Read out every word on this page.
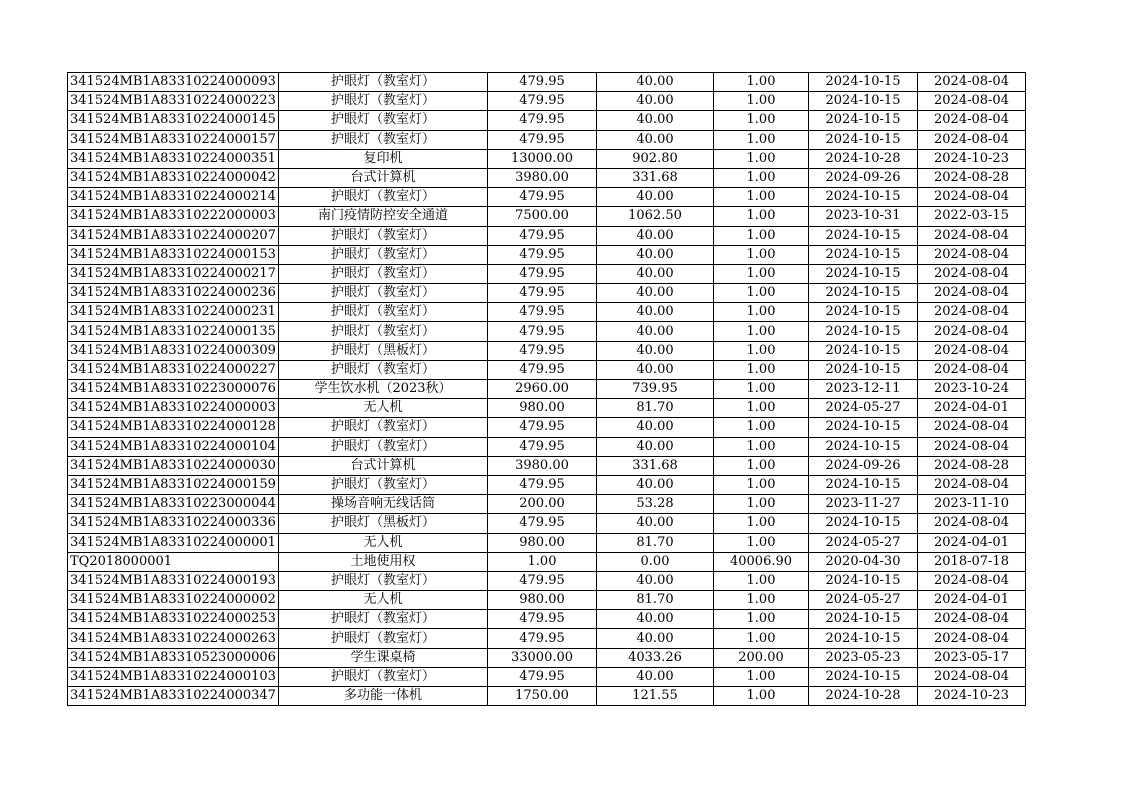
341524MB1A83310224000093	护眼灯（教室灯）	479.95	40.00	1.00	2024-10-15	2024-08-04
341524MB1A83310224000223	护眼灯（教室灯）	479.95	40.00	1.00	2024-10-15	2024-08-04
341524MB1A83310224000145	护眼灯（教室灯）	479.95	40.00	1.00	2024-10-15	2024-08-04
341524MB1A83310224000157	护眼灯（教室灯）	479.95	40.00	1.00	2024-10-15	2024-08-04
341524MB1A83310224000351	复印机	13000.00	902.80	1.00	2024-10-28	2024-10-23
341524MB1A83310224000042	台式计算机	3980.00	331.68	1.00	2024-09-26	2024-08-28
341524MB1A83310224000214	护眼灯（教室灯）	479.95	40.00	1.00	2024-10-15	2024-08-04
341524MB1A83310222000003	南门疫情防控安全通道	7500.00	1062.50	1.00	2023-10-31	2022-03-15
341524MB1A83310224000207	护眼灯（教室灯）	479.95	40.00	1.00	2024-10-15	2024-08-04
341524MB1A83310224000153	护眼灯（教室灯）	479.95	40.00	1.00	2024-10-15	2024-08-04
341524MB1A83310224000217	护眼灯（教室灯）	479.95	40.00	1.00	2024-10-15	2024-08-04
341524MB1A83310224000236	护眼灯（教室灯）	479.95	40.00	1.00	2024-10-15	2024-08-04
341524MB1A83310224000231	护眼灯（教室灯）	479.95	40.00	1.00	2024-10-15	2024-08-04
341524MB1A83310224000135	护眼灯（教室灯）	479.95	40.00	1.00	2024-10-15	2024-08-04
341524MB1A83310224000309	护眼灯（黑板灯）	479.95	40.00	1.00	2024-10-15	2024-08-04
341524MB1A83310224000227	护眼灯（教室灯）	479.95	40.00	1.00	2024-10-15	2024-08-04
341524MB1A83310223000076	学生饮水机（2023秋）	2960.00	739.95	1.00	2023-12-11	2023-10-24
341524MB1A83310224000003	无人机	980.00	81.70	1.00	2024-05-27	2024-04-01
341524MB1A83310224000128	护眼灯（教室灯）	479.95	40.00	1.00	2024-10-15	2024-08-04
341524MB1A83310224000104	护眼灯（教室灯）	479.95	40.00	1.00	2024-10-15	2024-08-04
341524MB1A83310224000030	台式计算机	3980.00	331.68	1.00	2024-09-26	2024-08-28
341524MB1A83310224000159	护眼灯（教室灯）	479.95	40.00	1.00	2024-10-15	2024-08-04
341524MB1A83310223000044	操场音响无线话筒	200.00	53.28	1.00	2023-11-27	2023-11-10
341524MB1A83310224000336	护眼灯（黑板灯）	479.95	40.00	1.00	2024-10-15	2024-08-04
341524MB1A83310224000001	无人机	980.00	81.70	1.00	2024-05-27	2024-04-01
TQ2018000001	土地使用权	1.00	0.00	40006.90	2020-04-30	2018-07-18
341524MB1A83310224000193	护眼灯（教室灯）	479.95	40.00	1.00	2024-10-15	2024-08-04
341524MB1A83310224000002	无人机	980.00	81.70	1.00	2024-05-27	2024-04-01
341524MB1A83310224000253	护眼灯（教室灯）	479.95	40.00	1.00	2024-10-15	2024-08-04
341524MB1A83310224000263	护眼灯（教室灯）	479.95	40.00	1.00	2024-10-15	2024-08-04
341524MB1A83310523000006	学生课桌椅	33000.00	4033.26	200.00	2023-05-23	2023-05-17
341524MB1A83310224000103	护眼灯（教室灯）	479.95	40.00	1.00	2024-10-15	2024-08-04
341524MB1A83310224000347	多功能一体机	1750.00	121.55	1.00	2024-10-28	2024-10-23
